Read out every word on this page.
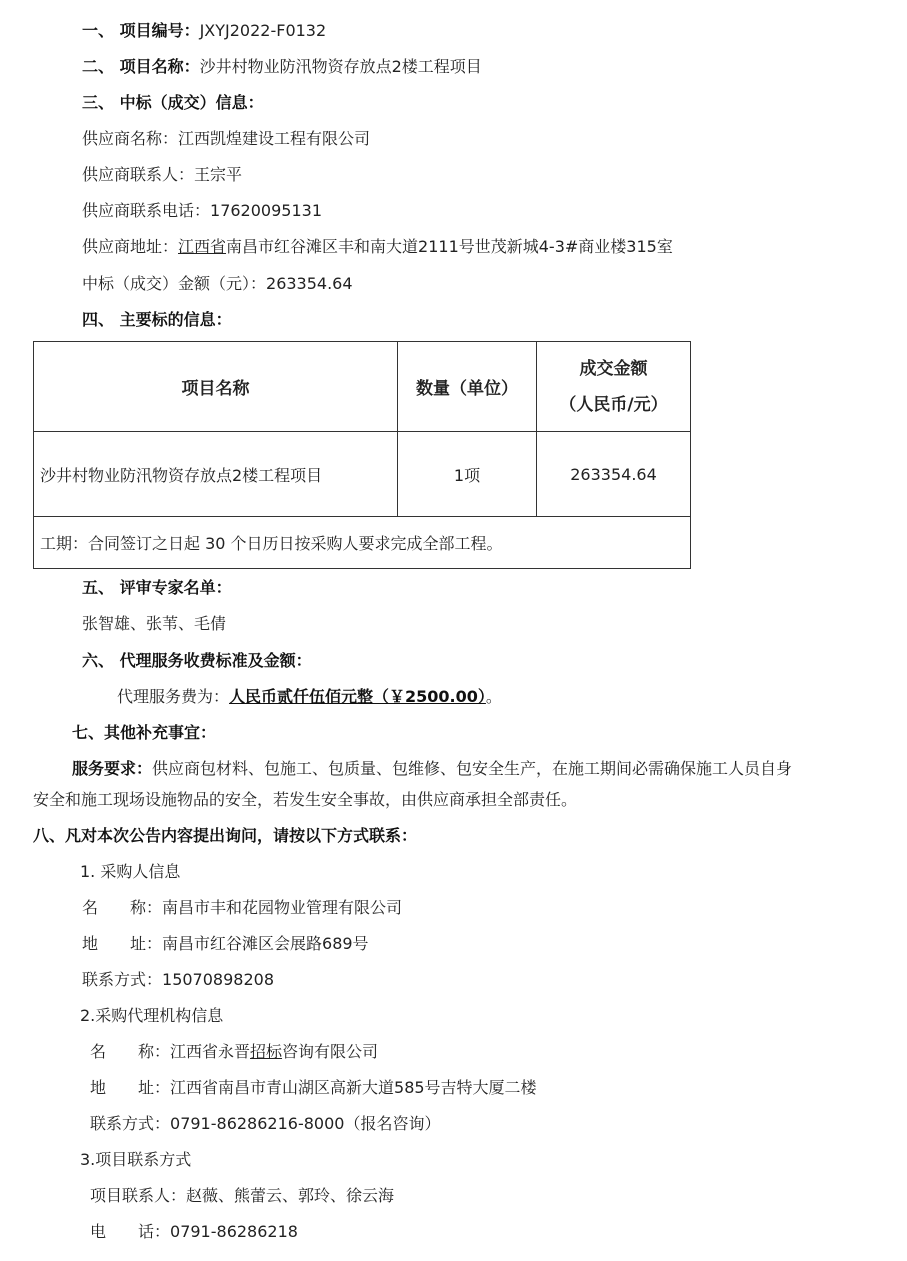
一、 项目编号：JXYJ2022-F0132
二、 项目名称：沙井村物业防汛物资存放点2楼工程项目
三、 中标（成交）信息：
供应商名称：江西凯煌建设工程有限公司
供应商联系人：王宗平
供应商联系电话：17620095131
供应商地址：江西省南昌市红谷滩区丰和南大道2111号世茂新城4-3#商业楼315室
中标（成交）金额（元）：263354.64
四、 主要标的信息：
项目名称	数量（单位）	成交金额
（人民币/元）

沙井村物业防汛物资存放点2楼工程项目	1项	263354.64
工期：合同签订之日起 30 个日历日按采购人要求完成全部工程。		
五、 评审专家名单：
张智雄、张苇、毛倩
六、 代理服务收费标准及金额：
代理服务费为：人民币贰仟伍佰元整（￥2500.00）。
七、其他补充事宜：
服务要求：供应商包材料、包施工、包质量、包维修、包安全生产，在施工期间必需确保施工人员自身
安全和施工现场设施物品的安全，若发生安全事故，由供应商承担全部责任。
八、凡对本次公告内容提出询问，请按以下方式联系：
1. 采购人信息
名　　称：南昌市丰和花园物业管理有限公司
地　　址：南昌市红谷滩区会展路689号
联系方式：15070898208
2.采购代理机构信息
名　　称：江西省永晋招标咨询有限公司
地　　址：江西省南昌市青山湖区高新大道585号吉特大厦二楼
联系方式：0791-86286216-8000（报名咨询）
3.项目联系方式
项目联系人：赵薇、熊蕾云、郭玲、徐云海
电　　话：0791-86286218
